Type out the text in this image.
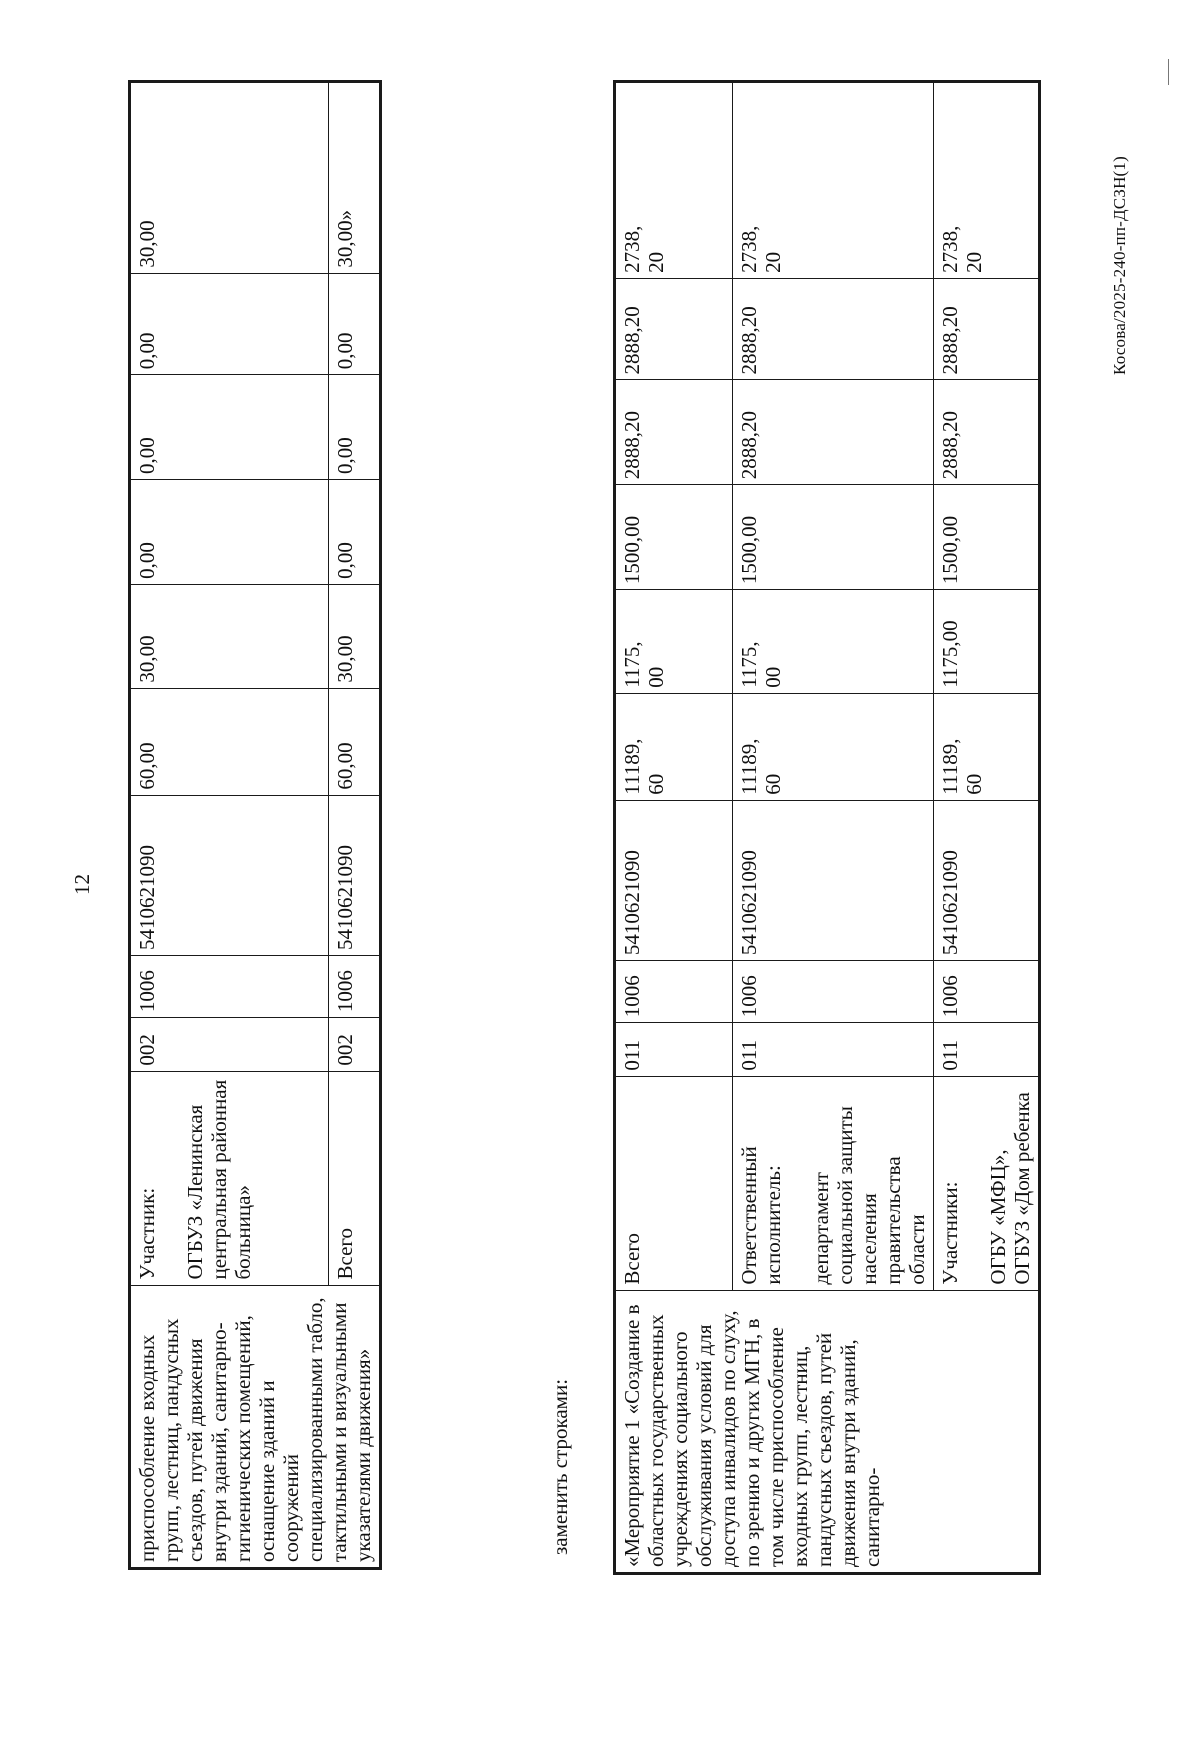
12
приспособление входных групп, лестниц, пандусных съездов, путей движения внутри зданий, санитарно-гигиенических помещений, оснащение зданий и сооружений специализированными табло, тактильными и визуальными указателями движения»	Участник: ОГБУЗ «Ленинская центральная районная больница»	002	1006	5410621090	60,00	30,00	0,00	0,00	0,00	30,00
	Всего	002	1006	5410621090	60,00	30,00	0,00	0,00	0,00	30,00»
заменить строками: «Мероприятие 1 «Создание в областных государственных учреждениях социального обслуживания условий для доступа инвалидов по слуху, по зрению и других МГН, в том числе приспособление входных групп, лестниц, пандусных съездов, путей движения внутри зданий, санитарно-	Всего	011	1006	5410621090	11189,
60	1175,
00	1500,00	2888,20	2888,20	2738,
20
	Ответственный исполнитель: департамент социальной защиты населения правительства области	011	1006	5410621090	11189,
60	1175,
00	1500,00	2888,20	2888,20	2738,
20
	Участники: ОГБУ «МФЦ», ОГБУЗ «Дом ребенка	011	1006	5410621090	11189,
60	1175,00	1500,00	2888,20	2888,20	2738,
20	Косова/2025-240-пп-ДСЗН(1)
